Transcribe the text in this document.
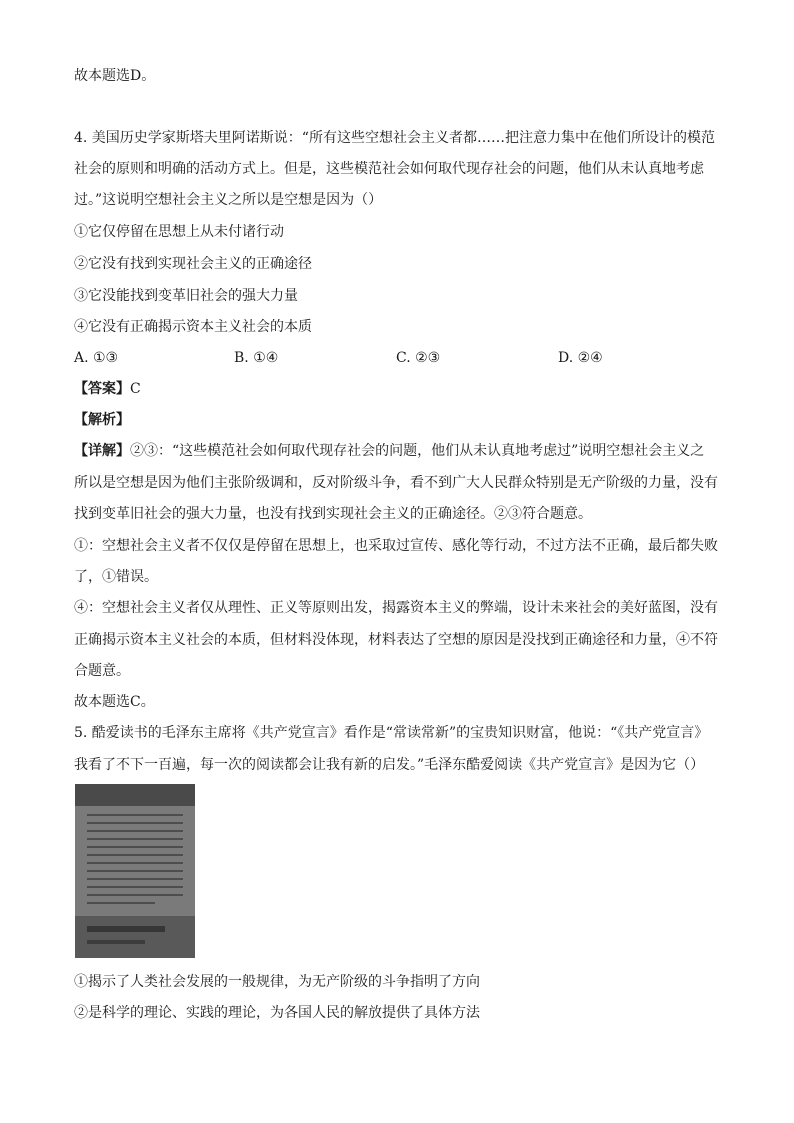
故本题选D。
4. 美国历史学家斯塔夫里阿诺斯说：“所有这些空想社会主义者都……把注意力集中在他们所设计的模范
社会的原则和明确的活动方式上。但是，这些模范社会如何取代现存社会的问题，他们从未认真地考虑
过。”这说明空想社会主义之所以是空想是因为（）
①它仅停留在思想上从未付诸行动
②它没有找到实现社会主义的正确途径
③它没能找到变革旧社会的强大力量
④它没有正确揭示资本主义社会的本质
A. ①③	B. ①④	C. ②③	D. ②④
【答案】C
【解析】
【详解】②③：“这些模范社会如何取代现存社会的问题，他们从未认真地考虑过”说明空想社会主义之
所以是空想是因为他们主张阶级调和，反对阶级斗争，看不到广大人民群众特别是无产阶级的力量，没有
找到变革旧社会的强大力量，也没有找到实现社会主义的正确途径。②③符合题意。
①：空想社会主义者不仅仅是停留在思想上，也采取过宣传、感化等行动，不过方法不正确，最后都失败
了，①错误。
④：空想社会主义者仅从理性、正义等原则出发，揭露资本主义的弊端，设计未来社会的美好蓝图，没有
正确揭示资本主义社会的本质，但材料没体现，材料表达了空想的原因是没找到正确途径和力量，④不符
合题意。
故本题选C。
5. 酷爱读书的毛泽东主席将《共产党宣言》看作是“常读常新”的宝贵知识财富，他说：“《共产党宣言》
我看了不下一百遍，每一次的阅读都会让我有新的启发。”毛泽东酷爱阅读《共产党宣言》是因为它（）
①揭示了人类社会发展的一般规律，为无产阶级的斗争指明了方向
②是科学的理论、实践的理论，为各国人民的解放提供了具体方法
